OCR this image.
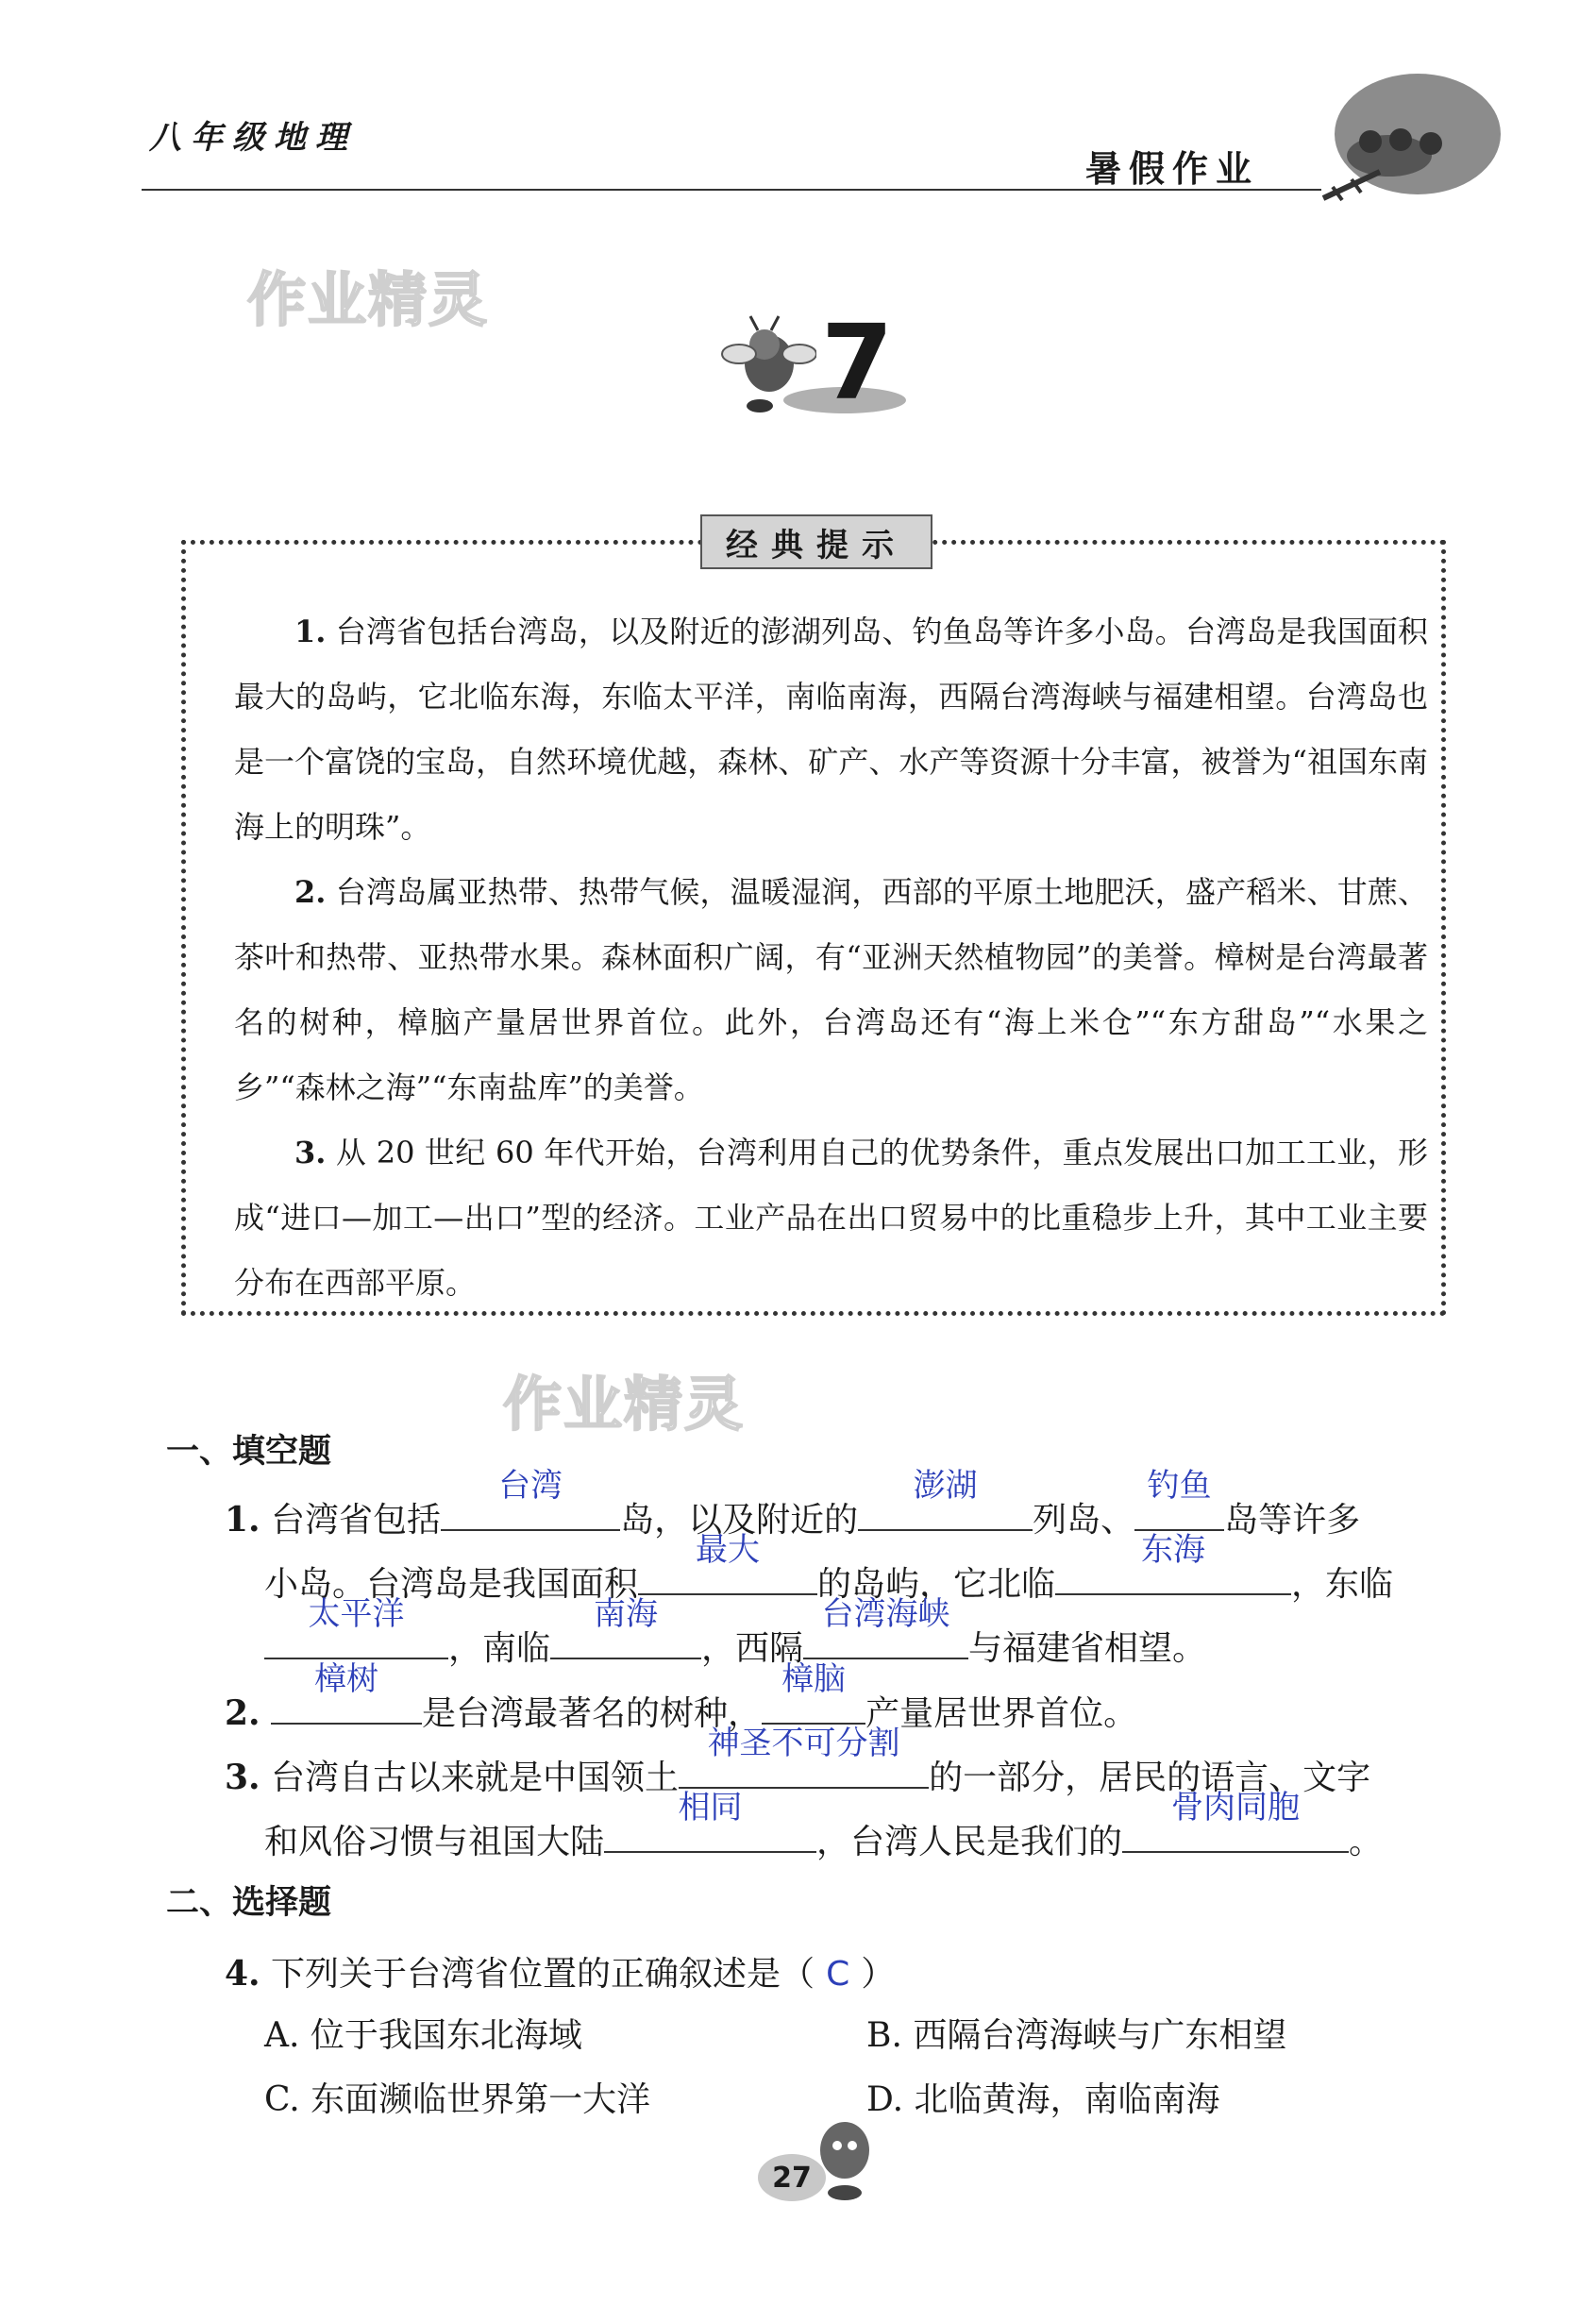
八年级地理
暑假作业
作业精灵
作业精灵
7
经典提示

1. 台湾省包括台湾岛，以及附近的澎湖列岛、钓鱼岛等许多小岛。台湾岛是我国面积最大的岛屿，它北临东海，东临太平洋，南临南海，西隔台湾海峡与福建相望。台湾岛也是一个富饶的宝岛，自然环境优越，森林、矿产、水产等资源十分丰富，被誉为“祖国东南海上的明珠”。

2. 台湾岛属亚热带、热带气候，温暖湿润，西部的平原土地肥沃，盛产稻米、甘蔗、茶叶和热带、亚热带水果。森林面积广阔，有“亚洲天然植物园”的美誉。樟树是台湾最著名的树种，樟脑产量居世界首位。此外，台湾岛还有“海上米仓”“东方甜岛”“水果之乡”“森林之海”“东南盐库”的美誉。

3. 从 20 世纪 60 年代开始，台湾利用自己的优势条件，重点发展出口加工工业，形成“进口—加工—出口”型的经济。工业产品在出口贸易中的比重稳步上升，其中工业主要分布在西部平原。

一、填空题
1. 台湾省包括
台湾
岛，以及附近的
澎湖
列岛、
钓鱼
岛等许多
小岛。台湾岛是我国面积
最大
的岛屿，它北临
东海
，东临
太平洋
，南临
南海
，西隔
台湾海峡
与福建省相望。
2.
樟树
是台湾最著名的树种，
樟脑
产量居世界首位。
3. 台湾自古以来就是中国领土
神圣不可分割
的一部分，居民的语言、文字
和风俗习惯与祖国大陆
相同
，台湾人民是我们的
骨肉同胞
。
二、选择题
4. 下列关于台湾省位置的正确叙述是（ C ）
A. 位于我国东北海域	B. 西隔台湾海峡与广东相望
C. 东面濒临世界第一大洋	D. 北临黄海，南临南海
27
